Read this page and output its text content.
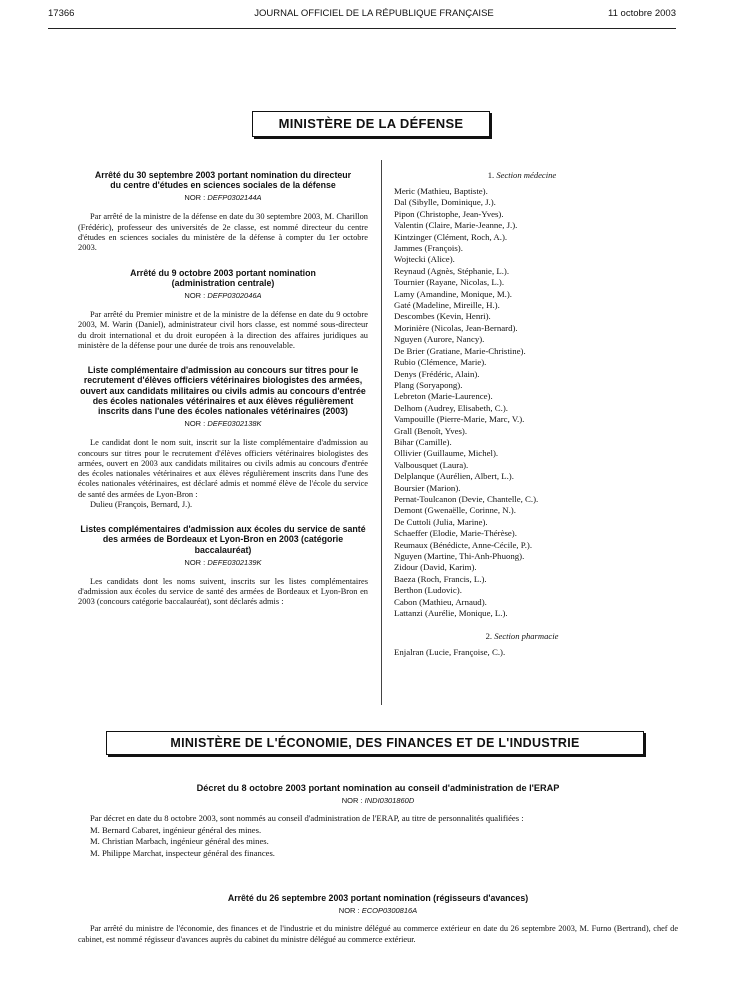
17366	JOURNAL OFFICIEL DE LA RÉPUBLIQUE FRANÇAISE	11 octobre 2003
MINISTÈRE DE LA DÉFENSE

Arrêté du 30 septembre 2003 portant nomination du directeur du centre d'études en sciences sociales de la défense

NOR : DEFP0302144A

Par arrêté de la ministre de la défense en date du 30 septembre 2003, M. Charillon (Frédéric), professeur des universités de 2e classe, est nommé directeur du centre d'études en sciences sociales du ministère de la défense à compter du 1er octobre 2003.

Arrêté du 9 octobre 2003 portant nomination (administration centrale)

NOR : DEFP0302046A

Par arrêté du Premier ministre et de la ministre de la défense en date du 9 octobre 2003, M. Warin (Daniel), administrateur civil hors classe, est nommé sous-directeur du droit international et du droit européen à la direction des affaires juridiques au ministère de la défense pour une durée de trois ans renouvelable.

Liste complémentaire d'admission au concours sur titres pour le recrutement d'élèves officiers vétérinaires biologistes des armées, ouvert aux candidats militaires ou civils admis au concours d'entrée des écoles nationales vétérinaires et aux élèves régulièrement inscrits dans l'une des écoles nationales vétérinaires (2003)

NOR : DEFE0302138K

Le candidat dont le nom suit, inscrit sur la liste complémentaire d'admission au concours sur titres pour le recrutement d'élèves officiers vétérinaires biologistes des armées, ouvert en 2003 aux candidats militaires ou civils admis au concours d'entrée des écoles nationales vétérinaires et aux élèves régulièrement inscrits dans l'une des écoles nationales vétérinaires, est déclaré admis et nommé élève de l'école du service de santé des armées de Lyon-Bron :

Dulieu (François, Bernard, J.).

Listes complémentaires d'admission aux écoles du service de santé des armées de Bordeaux et Lyon-Bron en 2003 (catégorie baccalauréat)

NOR : DEFE0302139K

Les candidats dont les noms suivent, inscrits sur les listes complémentaires d'admission aux écoles du service de santé des armées de Bordeaux et Lyon-Bron en 2003 (concours catégorie baccalauréat), sont déclarés admis :

1. Section médecine

Meric (Mathieu, Baptiste).
Dal (Sibylle, Dominique, J.).
Pipon (Christophe, Jean-Yves).
Valentin (Claire, Marie-Jeanne, J.).
Kintzinger (Clément, Roch, A.).
Jammes (François).
Wojtecki (Alice).
Reynaud (Agnès, Stéphanie, L.).
Tournier (Rayane, Nicolas, L.).
Lamy (Amandine, Monique, M.).
Gaté (Madeline, Mireille, H.).
Descombes (Kevin, Henri).
Morinière (Nicolas, Jean-Bernard).
Nguyen (Aurore, Nancy).
De Brier (Gratiane, Marie-Christine).
Rubio (Clémence, Marie).
Denys (Frédéric, Alain).
Plang (Soryapong).
Lebreton (Marie-Laurence).
Delhom (Audrey, Elisabeth, C.).
Vampouille (Pierre-Marie, Marc, V.).
Grall (Benoît, Yves).
Bihar (Camille).
Ollivier (Guillaume, Michel).
Valbousquet (Laura).
Delplanque (Aurélien, Albert, L.).
Boursier (Marion).
Pernat-Toulcanon (Devie, Chantelle, C.).
Demont (Gwenaëlle, Corinne, N.).
De Cuttoli (Julia, Marine).
Schaeffer (Elodie, Marie-Thérèse).
Reumaux (Bénédicte, Anne-Cécile, P.).
Nguyen (Martine, Thi-Anh-Phuong).
Zidour (David, Karim).
Baeza (Roch, Francis, L.).
Berthon (Ludovic).
Cabon (Mathieu, Arnaud).
Lattanzi (Aurélie, Monique, L.).

2. Section pharmacie

Enjalran (Lucie, Françoise, C.).
MINISTÈRE DE L'ÉCONOMIE, DES FINANCES ET DE L'INDUSTRIE

Décret du 8 octobre 2003 portant nomination au conseil d'administration de l'ERAP

NOR : INDI0301860D

Par décret en date du 8 octobre 2003, sont nommés au conseil d'administration de l'ERAP, au titre de personnalités qualifiées :

M. Bernard Cabaret, ingénieur général des mines.

M. Christian Marbach, ingénieur général des mines.

M. Philippe Marchat, inspecteur général des finances.

Arrêté du 26 septembre 2003 portant nomination (régisseurs d'avances)

NOR : ECOP0300816A

Par arrêté du ministre de l'économie, des finances et de l'industrie et du ministre délégué au commerce extérieur en date du 26 septembre 2003, M. Furno (Bertrand), chef de cabinet, est nommé régisseur d'avances auprès du cabinet du ministre délégué au commerce extérieur.
